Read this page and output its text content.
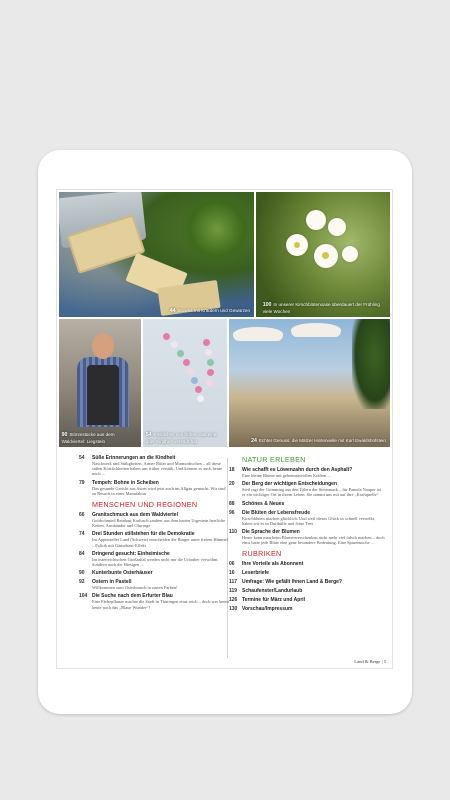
44 Snacks mit Kräutern und Gewürzen
100 In unserer Kirschblütenoase überdauert der Frühling viele Wochen
90 Stimmstücke aus dem Waldviertel: Liegstein
54 Köstliches von früher: das eine oder Kindheit versüßt hat	24 Echter Genuss: die Mälzer Hinterwelle mit Karl Ewaldshofstein
54 Süße Erinnerungen an die Kindheit
Naschwerk und Süßigkeiten, Armer Ritter und Marmorkuchen – all diese süßen Köstlichkeiten haben uns früher versüßt. Und können es auch heute noch ...
79 Tempeh: Bohne in Scheiben
Das gesunde Gericht aus Asien wird jetzt auch im Allgäu gemacht. Wir sind zu Besuch in einer Manufaktur
MENSCHEN UND REGIONEN
66 Granitschmuck aus dem Waldviertel
Goldschmied Reinhart Karlusch zaubert aus dem harten Urgestein herrliche Ketten, Armbänder und Ohrringe
74 Drei Stunden stillstehen für die Demokratie
Im Appenzeller Land (Schweiz) entscheiden die Bürger unter freiem Himmel – Politik mit Gänsehaut-Effekt
84 Dringend gesucht: Einheimische
Im österreichischen Großarltal werden nicht nur die Urlauber verwöhnt. Sondern auch die Hiesigen ...
90 Kunterbunte Osterhäuser
92 Ostern in Pastell
Willkommen zum Osterbrunch in zarten Farben!
104 Die Suche nach dem Erfurter Blau
Eine Färbepflanze machte die Stadt in Thüringen einst reich – doch wer kennt heute noch das „Blaue Wunder“?
NATUR ERLEBEN
18 Wie schafft es Löwenzahn durch den Asphalt?
Eine kleine Blume mit geheimnisvollen Kräften ...
20 Der Berg der wichtigen Entscheidungen
Steil ragt der Grimming aus den Tälern der Steiermark – für Pamela Nauper ist er ein wichtiger Ort in ihrem Leben. Sie nimmt uns mit auf ihre „Kraftquelle“
88 Schönes & Neues
96 Die Blüten der Lebensfreude
Kirschblüten machen glücklich. Und weil dieses Glück so schnell verwelkt, haben wir es in Dufthülle und feine Tees
110 Die Sprache der Blumen
Heute kann man beim Blumenverschenken nicht mehr viel falsch machen – doch einst hatte jede Blüte eine ganz besondere Bedeutung. Eine Spurensuche ...
RUBRIKEN
06 Ihre Vorteile als Abonnent
16 Leserbriefe
117 Umfrage: Wie gefällt Ihnen Land & Berge?
119 Schaufenster/Landurlaub
126 Termine für März und April
130 Vorschau/Impressum
Land & Berge | 5
